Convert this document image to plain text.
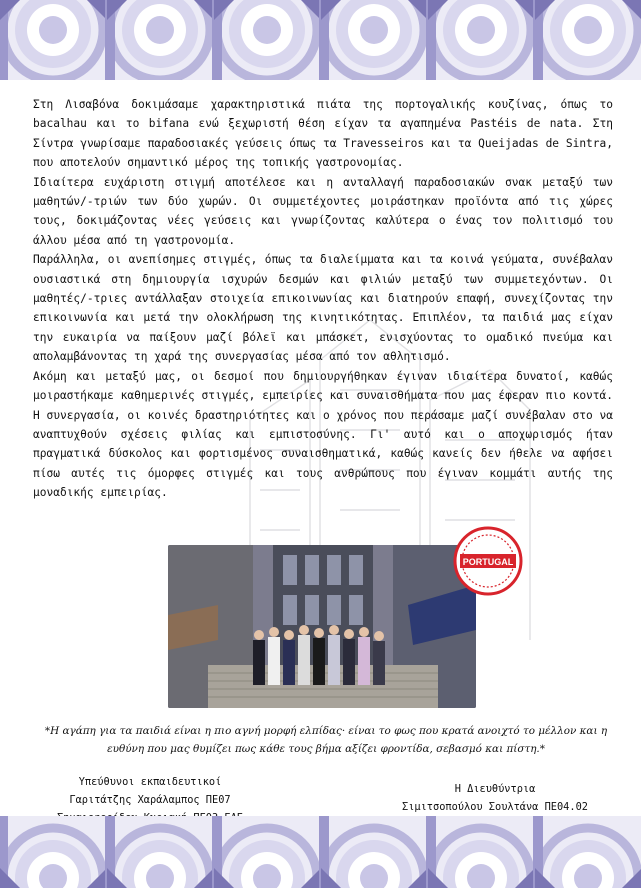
Στη Λισαβόνα δοκιμάσαμε χαρακτηριστικά πιάτα της πορτογαλικής κουζίνας, όπως το bacalhau και το bifana ενώ ξεχωριστή θέση είχαν τα αγαπημένα Pastéis de nata. Στη Σίντρα γνωρίσαμε παραδοσιακές γεύσεις όπως τα Travesseiros και τα Queijadas de Sintra, που αποτελούν σημαντικό μέρος της τοπικής γαστρονομίας.

Ιδιαίτερα ευχάριστη στιγμή αποτέλεσε και η ανταλλαγή παραδοσιακών σνακ μεταξύ των μαθητών/-τριών των δύο χωρών. Οι συμμετέχοντες μοιράστηκαν προϊόντα από τις χώρες τους, δοκιμάζοντας νέες γεύσεις και γνωρίζοντας καλύτερα ο ένας τον πολιτισμό του άλλου μέσα από τη γαστρονομία.

Παράλληλα, οι ανεπίσημες στιγμές, όπως τα διαλείμματα και τα κοινά γεύματα, συνέβαλαν ουσιαστικά στη δημιουργία ισχυρών δεσμών και φιλιών μεταξύ των συμμετεχόντων. Οι μαθητές/-τριες αντάλλαξαν στοιχεία επικοινωνίας και διατηρούν επαφή, συνεχίζοντας την επικοινωνία και μετά την ολοκλήρωση της κινητικότητας. Επιπλέον, τα παιδιά μας είχαν την ευκαιρία να παίξουν μαζί βόλεϊ και μπάσκετ, ενισχύοντας το ομαδικό πνεύμα και απολαμβάνοντας τη χαρά της συνεργασίας μέσα από τον αθλητισμό.

Ακόμη και μεταξύ μας, οι δεσμοί που δημιουργήθηκαν έγιναν ιδιαίτερα δυνατοί, καθώς μοιραστήκαμε καθημερινές στιγμές, εμπειρίες και συναισθήματα που μας έφεραν πιο κοντά. Η συνεργασία, οι κοινές δραστηριότητες και ο χρόνος που περάσαμε μαζί συνέβαλαν στο να αναπτυχθούν σχέσεις φιλίας και εμπιστοσύνης. Γι' αυτό και ο αποχωρισμός ήταν πραγματικά δύσκολος και φορτισμένος συναισθηματικά, καθώς κανείς δεν ήθελε να αφήσει πίσω αυτές τις όμορφες στιγμές και τους ανθρώπους που έγιναν κομμάτι αυτής της μοναδικής εμπειρίας.

PORTUGAL
*Η αγάπη για τα παιδιά είναι η πιο αγνή μορφή ελπίδας· είναι το φως που κρατά ανοιχτό το μέλλον και η ευθύνη που μας θυμίζει πως κάθε τους βήμα αξίζει φροντίδα, σεβασμό και πίστη.*
Υπεύθυνοι εκπαιδευτικοί
Γαριτάτζης Χαράλαμπος ΠΕ07
Η Διευθύντρια
Σιμιτσοπούλου Σουλτάνα ΠΕ04.02
